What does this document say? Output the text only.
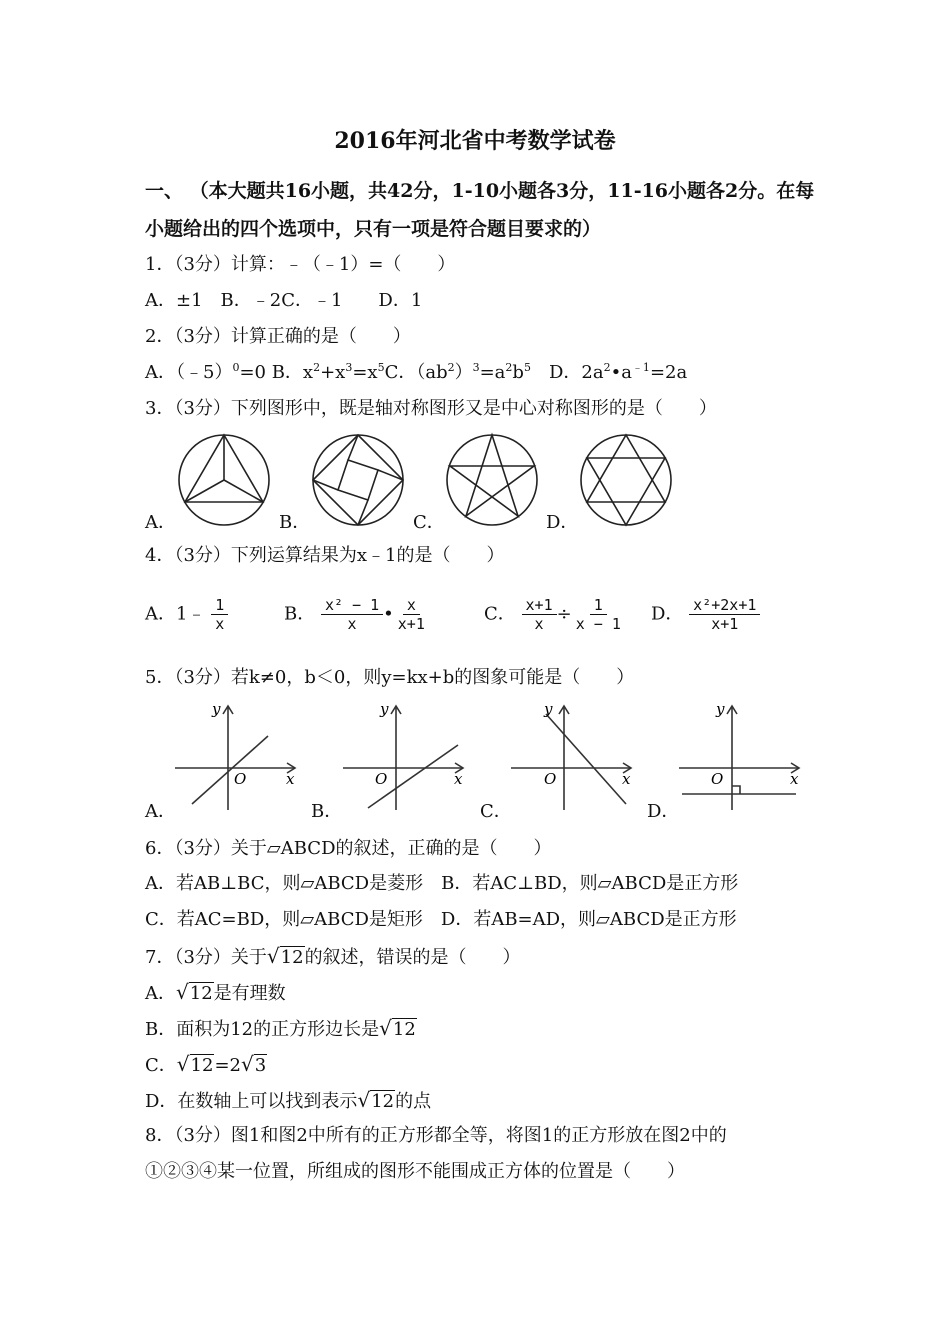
2016年河北省中考数学试卷
一、 （本大题共16小题，共42分，1-10小题各3分，11-16小题各2分。在每
小题给出的四个选项中，只有一项是符合题目要求的）
1．（3分）计算：﹣（﹣1）=（　　）
A．±1　B．﹣2C．﹣1　　D．1
2．（3分）计算正确的是（　　）
A．（﹣5）$^0$=0 B．$x^2+x^3=x^5C$．$(ab^2)^3=a^2b^5$　D．$2a^2•a^{﹣1}=2a$
3．（3分）下列图形中，既是轴对称图形又是中心对称图形的是（　　）
A．	B．	C．	D．
4．（3分）下列运算结果为x﹣1的是（　　）
A．1﹣ $\frac{1}{x}$	B． $\frac{\text{x² − 1}}{x}$ • $\frac{x}{x+1}$	C． $\frac{x+1}{x} \div \frac{1}{x - 1}$ D． $\frac{\text{x²+2x+1}}{x+1}$
5．（3分）若k≠0，b＜0，则y=kx+b的图象可能是（　　）
y
x
O
y
x
O
y
x
O
y
x
O
A．	B．	C．	D．
6．（3分）关于▱ABCD的叙述，正确的是（　　）
A．若AB⊥BC，则▱ABCD是菱形　B．若AC⊥BD，则▱ABCD是正方形
C．若AC=BD，则▱ABCD是矩形　D．若AB=AD，则▱ABCD是正方形
7．（3分）关于√12的叙述，错误的是（　　）
A．√12是有理数
B．面积为12的正方形边长是√12
C．√12=2√3
D．在数轴上可以找到表示√12的点
8．（3分）图1和图2中所有的正方形都全等，将图1的正方形放在图2中的
①②③④某一位置，所组成的图形不能围成正方体的位置是（　　）
